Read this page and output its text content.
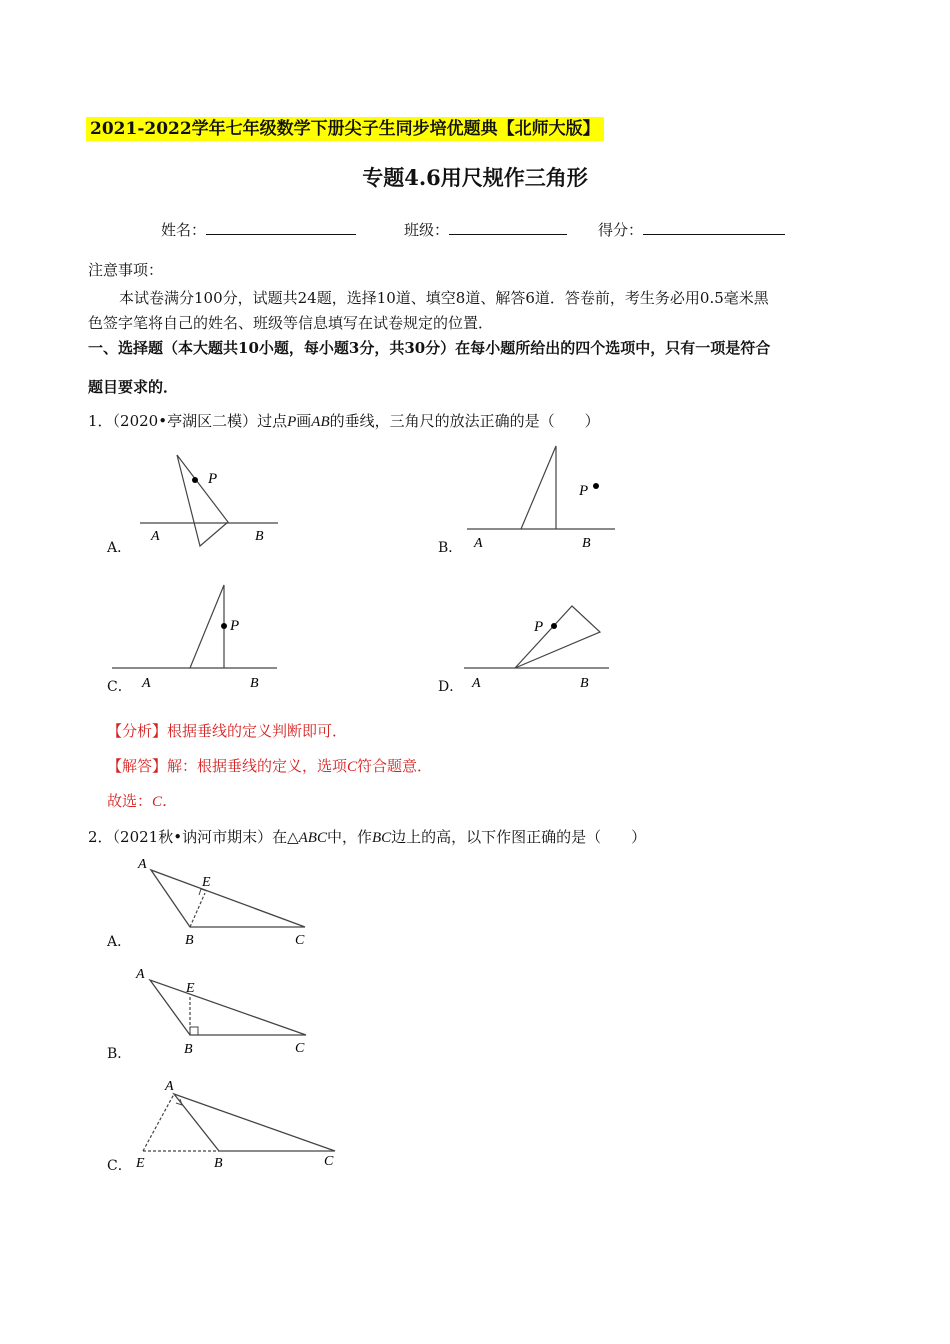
2021-2022学年七年级数学下册尖子生同步培优题典【北师大版】
专题4.6用尺规作三角形
姓名：	班级：	得分：
注意事项：
本试卷满分100分，试题共24题，选择10道、填空8道、解答6道．答卷前，考生务必用0.5毫米黑
色签字笔将自己的姓名、班级等信息填写在试卷规定的位置．
一、选择题（本大题共10小题，每小题3分，共30分）在每小题所给出的四个选项中，只有一项是符合
题目要求的．
1．（2020•亭湖区二模）过点P画AB的垂线，三角尺的放法正确的是（　　）
A．
P
A	B
B．
P
A	B
C．
P
A	B	D．
P
A	B
【分析】根据垂线的定义判断即可．
【解答】解：根据垂线的定义，选项C符合题意．
故选：C．
2．（2021秋•讷河市期末）在△ABC中，作BC边上的高，以下作图正确的是（　　）
A．
A
E
B	C
B．
A
E
B	C
C．
A
E	B	C
